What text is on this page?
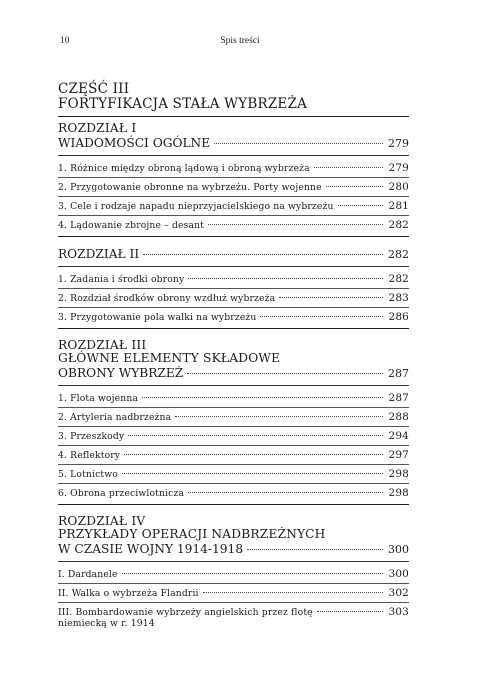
10	Spis treści
CZĘŚĆ III
FORTYFIKACJA STAŁA WYBRZEŻA
ROZDZIAŁ I
WIADOMOŚCI OGÓLNE	279
1. Różnice między obroną lądową i obroną wybrzeża	279
2. Przygotowanie obronne na wybrzeżu. Porty wojenne	280
3. Cele i rodzaje napadu nieprzyjacielskiego na wybrzeżu	281
4. Lądowanie zbrojne – desant	282
ROZDZIAŁ II	282
1. Zadania i środki obrony	282
2. Rozdział środków obrony wzdłuż wybrzeża	283
3. Przygotowanie pola walki na wybrzeżu	286
ROZDZIAŁ III
GŁÓWNE ELEMENTY SKŁADOWE
OBRONY WYBRZEŻ	287
1. Flota wojenna	287
2. Artyleria nadbrzeżna	288
3. Przeszkody	294
4. Reflektory	297
5. Lotnictwo	298
6. Obrona przeciwlotnicza	298
ROZDZIAŁ IV
PRZYKŁADY OPERACJI NADBRZEŻNYCH
W CZASIE WOJNY 1914-1918	300
I. Dardanele	300
II. Walka o wybrzeża Flandrii	302
III. Bombardowanie wybrzeży angielskich przez flotę
niemiecką w r. 1914
303
